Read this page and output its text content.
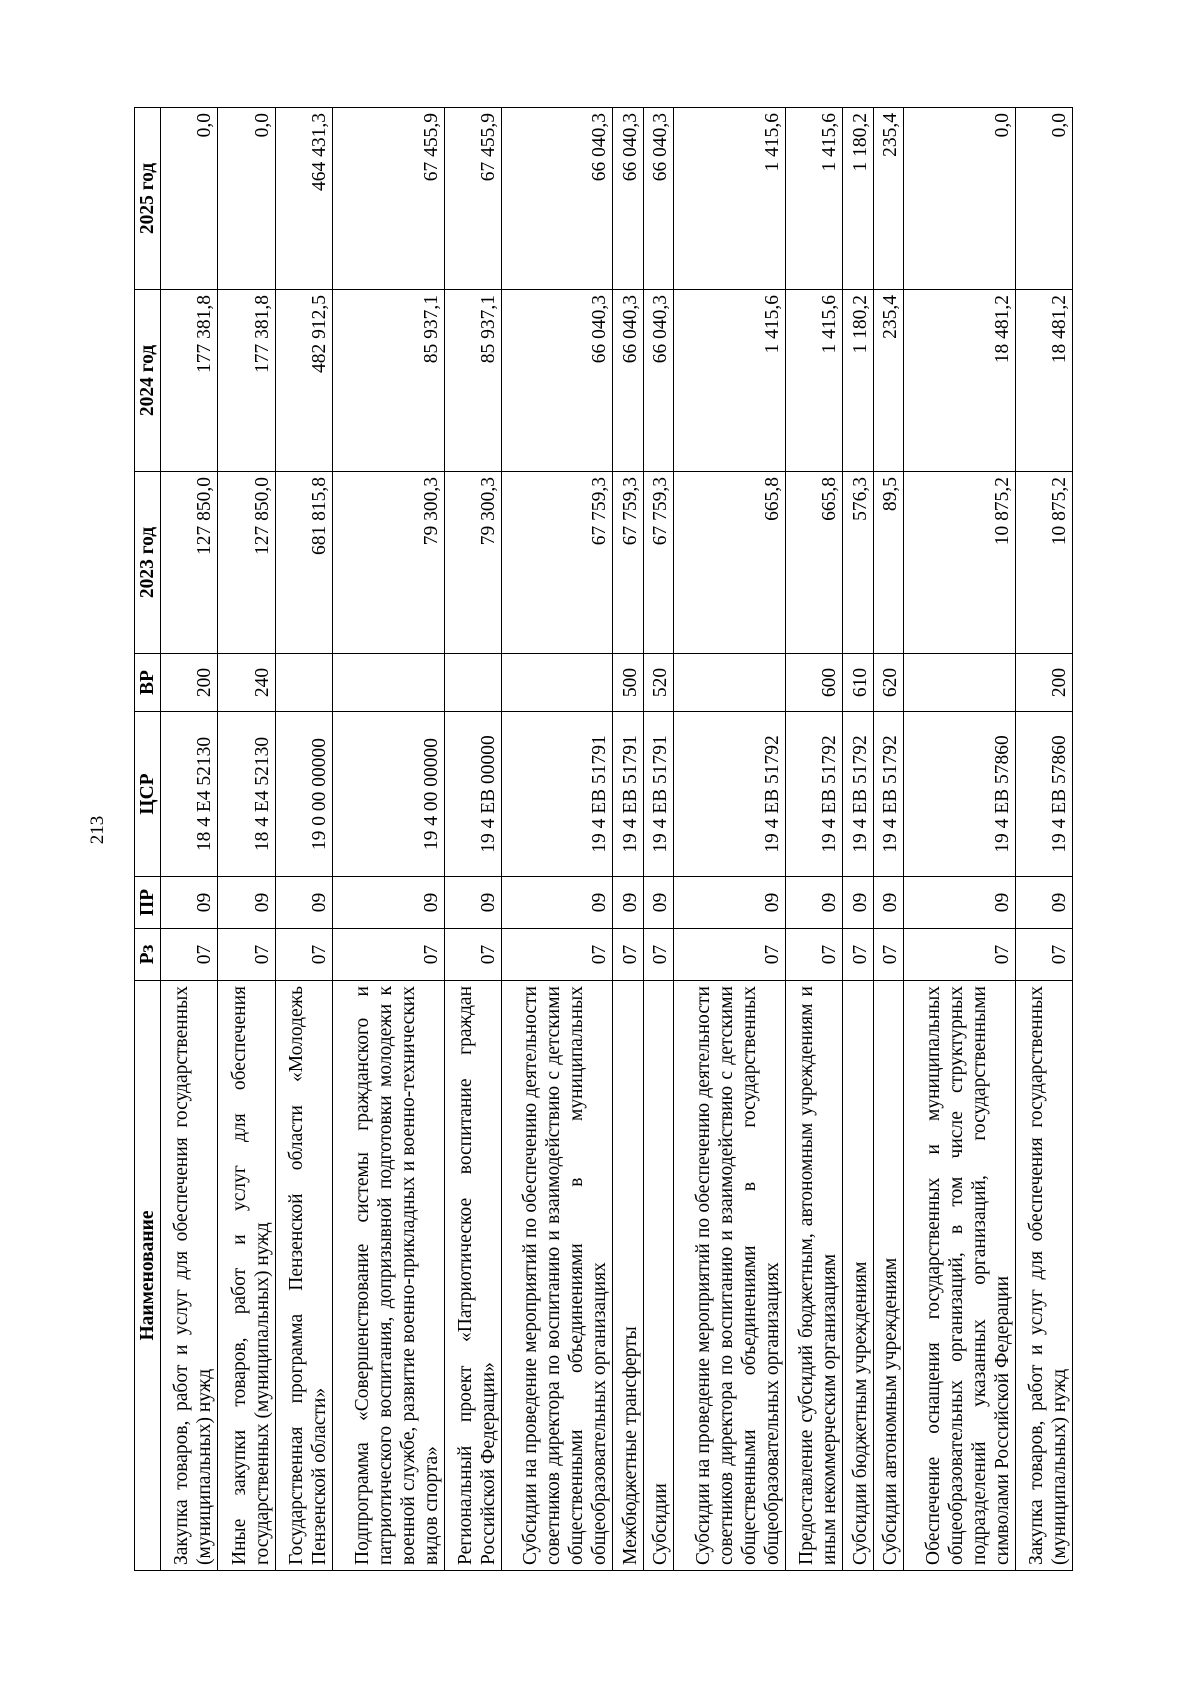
213
Наименование	Рз	ПР	ЦСР	ВР	2023 год	2024 год	2025 год
Закупка товаров, работ и услуг для обеспечения государственных (муниципальных) нужд	07	09	18 4 E4 52130	200	127 850,0	177 381,8	0,0
Иные закупки товаров, работ и услуг для обеспечения государственных (муниципальных) нужд	07	09	18 4 E4 52130	240	127 850,0	177 381,8	0,0
Государственная программа Пензенской области «Молодежь Пензенской области»	07	09	19 0 00 00000		681 815,8	482 912,5	464 431,3
Подпрограмма «Совершенствование системы гражданского и патриотического воспитания, допризывной подготовки молодежи к военной службе, развитие военно-прикладных и военно-технических видов спорта»	07	09	19 4 00 00000		79 300,3	85 937,1	67 455,9
Региональный проект «Патриотическое воспитание граждан Российской Федерации»	07	09	19 4 EB 00000		79 300,3	85 937,1	67 455,9
Субсидии на проведение мероприятий по обеспечению деятельности советников директора по воспитанию и взаимодействию с детскими общественными объединениями в муниципальных общеобразовательных организациях	07	09	19 4 EB 51791		67 759,3	66 040,3	66 040,3
Межбюджетные трансферты	07	09	19 4 EB 51791	500	67 759,3	66 040,3	66 040,3
Субсидии	07	09	19 4 EB 51791	520	67 759,3	66 040,3	66 040,3
Субсидии на проведение мероприятий по обеспечению деятельности советников директора по воспитанию и взаимодействию с детскими общественными объединениями в государственных общеобразовательных организациях	07	09	19 4 EB 51792		665,8	1 415,6	1 415,6
Предоставление субсидий бюджетным, автономным учреждениям и иным некоммерческим организациям	07	09	19 4 EB 51792	600	665,8	1 415,6	1 415,6
Субсидии бюджетным учреждениям	07	09	19 4 EB 51792	610	576,3	1 180,2	1 180,2
Субсидии автономным учреждениям	07	09	19 4 EB 51792	620	89,5	235,4	235,4
Обеспечение оснащения государственных и муниципальных общеобразовательных организаций, в том числе структурных подразделений указанных организаций, государственными символами Российской Федерации	07	09	19 4 EB 57860		10 875,2	18 481,2	0,0
Закупка товаров, работ и услуг для обеспечения государственных (муниципальных) нужд	07	09	19 4 EB 57860	200	10 875,2	18 481,2	0,0
